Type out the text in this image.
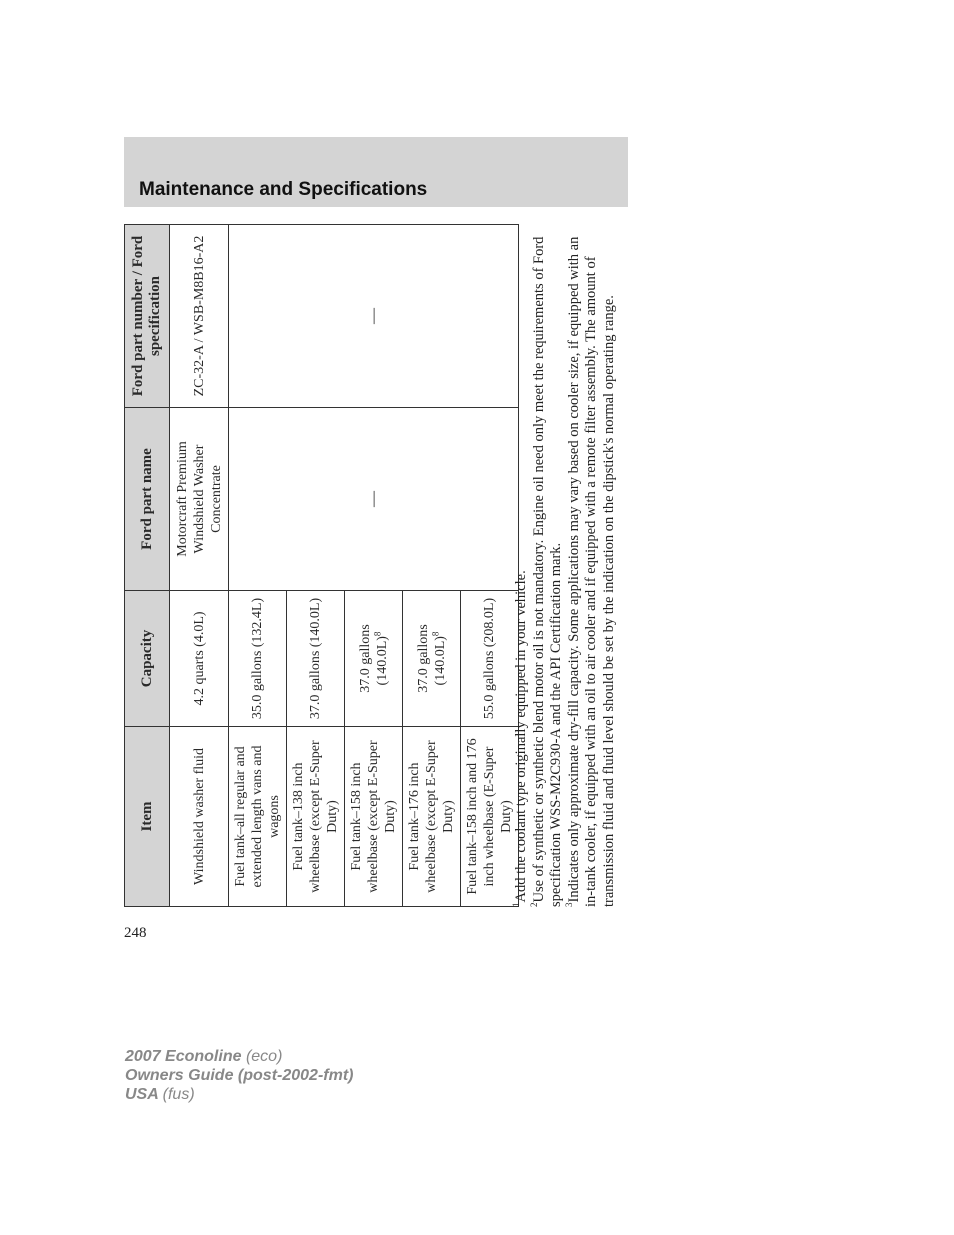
Maintenance and Specifications
Item	Capacity	Ford part name	Ford part number / Ford specification
Windshield washer fluid	4.2 quarts (4.0L)	Motorcraft Premium Windshield Washer Concentrate	ZC-32-A / WSB-M8B16-A2
Fuel tank–all regular and extended length vans and wagons	35.0 gallons (132.4L)	—	—
Fuel tank–138 inch wheelbase (except E-Super Duty)	37.0 gallons (140.0L)		
Fuel tank–158 inch wheelbase (except E-Super Duty)	37.0 gallons $(140.0L)^8$
Fuel tank–176 inch wheelbase (except E-Super Duty)	37.0 gallons $(140.0L)^8$
Fuel tank–158 inch and 176 inch wheelbase (E-Super Duty)	55.0 gallons (208.0L)		

$^1$Add the coolant type originally equipped in your vehicle.

$^2$Use of synthetic or synthetic blend motor oil is not mandatory. Engine oil need only meet the requirements of Ford specification WSS-M2C930-A and the API Certification mark. $^3$Indicates only approximate dry-fill capacity. Some applications may vary based on cooler size, if equipped with an in-tank cooler, if equipped with an oil to air cooler and if equipped with a remote filter assembly. The amount of transmission fluid and fluid level should be set by the indication on the dipstick's normal operating range.

248

2007 Econoline (eco)
Owners Guide (post-2002-fmt)
USA (fus)
